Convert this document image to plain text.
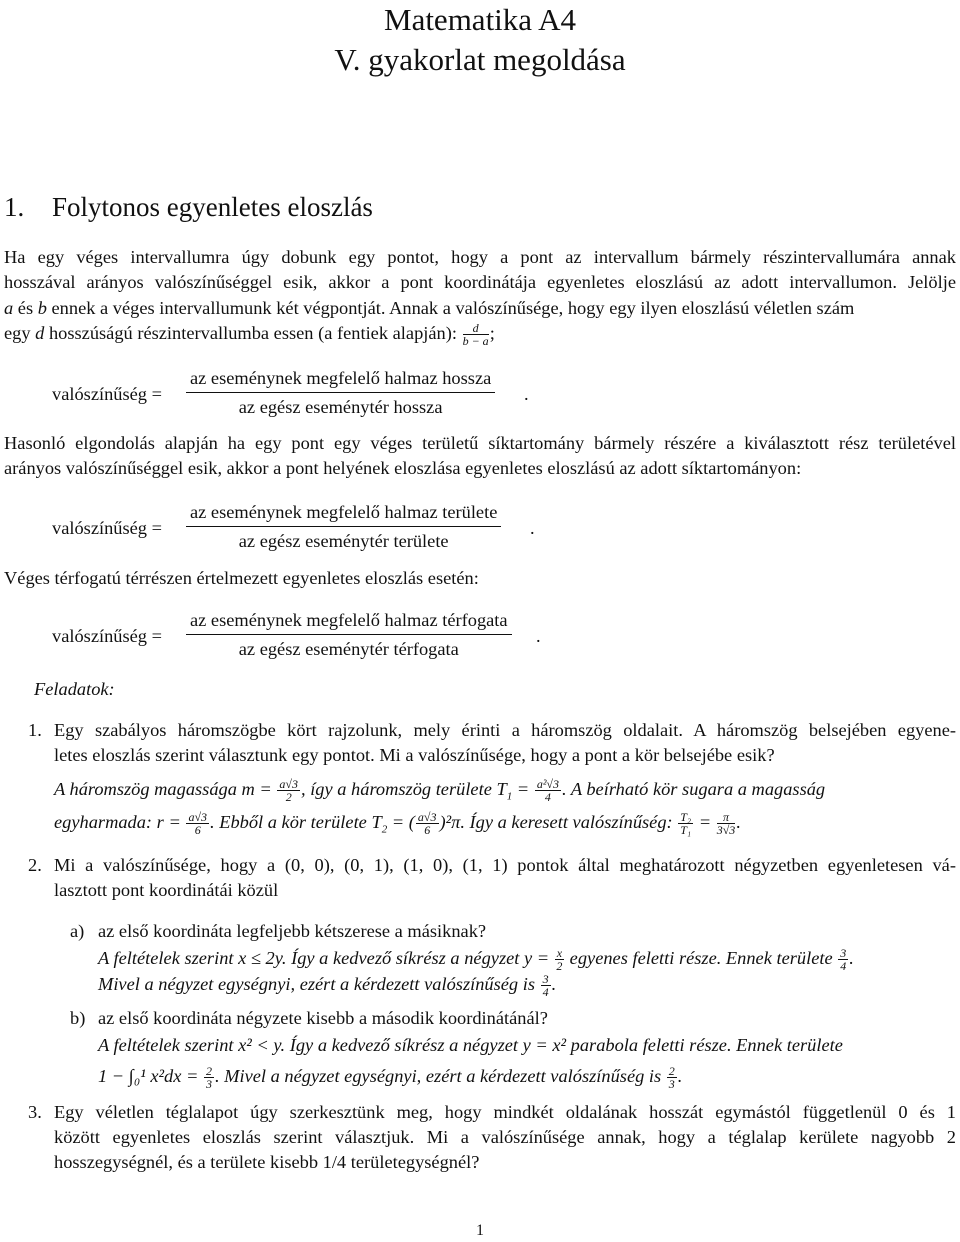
Matematika A4
V. gyakorlat megoldása
1. Folytonos egyenletes eloszlás
Ha egy véges intervallumra úgy dobunk egy pontot, hogy a pont az intervallum bármely részintervallumára annak
hosszával arányos valószínűséggel esik, akkor a pont koordinátája egyenletes eloszlású az adott intervallumon. Jelölje
a és b ennek a véges intervallumunk két végpontját. Annak a valószínűsége, hogy egy ilyen eloszlású véletlen szám
egy d hosszúságú részintervallumba essen (a fentiek alapján): $\frac{d}{b - a}$ ;
valószínűség =
az eseménynek megfelelő halmaz hossza
az egész eseménytér hossza
.
Hasonló elgondolás alapján ha egy pont egy véges területű síktartomány bármely részére a kiválasztott rész területével
arányos valószínűséggel esik, akkor a pont helyének eloszlása egyenletes eloszlású az adott síktartományon:
valószínűség =
az eseménynek megfelelő halmaz területe
az egész eseménytér területe
.
Véges térfogatú térrészen értelmezett egyenletes eloszlás esetén:
valószínűség =
az eseménynek megfelelő halmaz térfogata
az egész eseménytér térfogata
.
Feladatok:
1. Egy szabályos háromszögbe kört rajzolunk, mely érinti a háromszög oldalait. A háromszög belsejében egyene-
letes eloszlás szerint választunk egy pontot. Mi a valószínűsége, hogy a pont a kör belsejébe esik?
A háromszög magassága $m = \frac{a√3}{2}$ , így a háromszög területe $T_1 = \frac{\text{a²√3}}{4}$ . A beírható kör sugara a magasság
egyharmada: $r = \frac{a√3}{6}$ . Ebből a kör területe $T_2$ = ( $\frac{a√3}{6} )^2\pi$. Így a keresett valószínűség: $\frac{\text{T₂}}{\text{T₁}} = \frac{\pi}{3√3}$ .
2. Mi a valószínűsége, hogy a (0, 0), (0, 1), (1, 0), (1, 1) pontok által meghatározott négyzetben egyenletesen vá-
lasztott pont koordinátái közül
a) az első koordináta legfeljebb kétszerese a másiknak?
A feltételek szerint x ≤ 2y. Így a kedvező síkrész a négyzet $y = \frac{x}{2}$ egyenes feletti része. Ennek területe $\frac{3}{4}$ .
Mivel a négyzet egységnyi, ezért a kérdezett valószínűség is $\frac{3}{4}$ .
b) az első koordináta négyzete kisebb a második koordinátánál?
A feltételek szerint x² < y. Így a kedvező síkrész a négyzet y = x² parabola feletti része. Ennek területe
1 − ∫₀¹ $x^2dx = \frac{2}{3}$ . Mivel a négyzet egységnyi, ezért a kérdezett valószínűség is $\frac{2}{3}$ .
3. Egy véletlen téglalapot úgy szerkesztünk meg, hogy mindkét oldalának hosszát egymástól függetlenül 0 és 1
között egyenletes eloszlás szerint választjuk. Mi a valószínűsége annak, hogy a téglalap kerülete nagyobb 2
hosszegységnél, és a területe kisebb 1/4 területegységnél?
1
